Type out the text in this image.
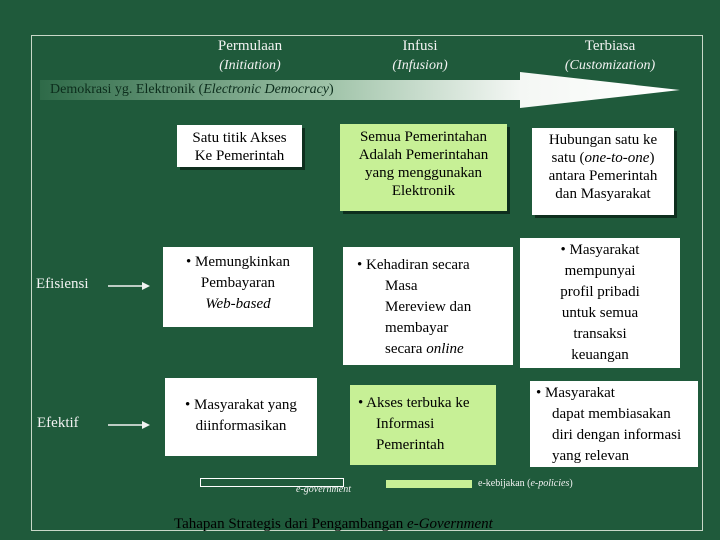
Permulaan
(Initiation)
Infusi
(Infusion)
Terbiasa
(Customization)
Demokrasi yg. Elektronik (Electronic Democracy)
Satu titik Akses
Ke Pemerintah
Semua Pemerintahan
Adalah Pemerintahan
yang menggunakan
Elektronik
Hubungan satu ke
satu (one-to-one)
antara Pemerintah
dan Masyarakat
Efisiensi
Efektif
• Memungkinkan
Pembayaran
Web-based
• Kehadiran secara
Masa
Mereview dan
membayar
secara online
• Masyarakat
mempunyai
profil pribadi
untuk semua
transaksi
keuangan
• Masyarakat yang
diinformasikan
• Akses terbuka ke
Informasi
Pemerintah
• Masyarakat
dapat membiasakan
diri dengan informasi
yang relevan
e-government
e-kebijakan (e-policies)
Tahapan Strategis dari Pengambangan e-Government
